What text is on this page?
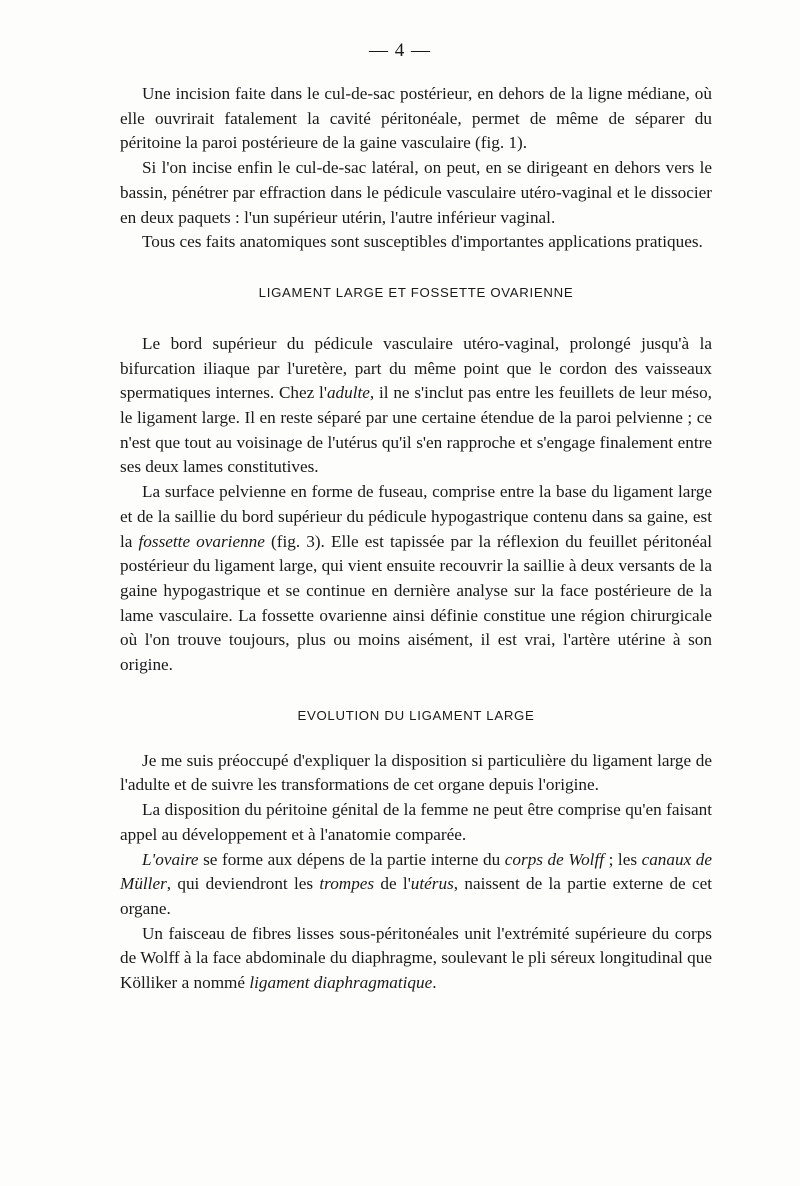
— 4 —

Une incision faite dans le cul-de-sac postérieur, en dehors de la ligne médiane, où elle ouvrirait fatalement la cavité péritonéale, permet de même de séparer du péritoine la paroi postérieure de la gaine vasculaire (fig. 1).

Si l'on incise enfin le cul-de-sac latéral, on peut, en se dirigeant en dehors vers le bassin, pénétrer par effraction dans le pédicule vasculaire utéro-vaginal et le dissocier en deux paquets : l'un supérieur utérin, l'autre inférieur vaginal.

Tous ces faits anatomiques sont susceptibles d'importantes applications pratiques.

LIGAMENT LARGE ET FOSSETTE OVARIENNE

Le bord supérieur du pédicule vasculaire utéro-vaginal, prolongé jusqu'à la bifurcation iliaque par l'uretère, part du même point que le cordon des vaisseaux spermatiques internes. Chez l'adulte, il ne s'inclut pas entre les feuillets de leur méso, le ligament large. Il en reste séparé par une certaine étendue de la paroi pelvienne ; ce n'est que tout au voisinage de l'utérus qu'il s'en rapproche et s'engage finalement entre ses deux lames constitutives.

La surface pelvienne en forme de fuseau, comprise entre la base du ligament large et de la saillie du bord supérieur du pédicule hypogastrique contenu dans sa gaine, est la fossette ovarienne (fig. 3). Elle est tapissée par la réflexion du feuillet péritonéal postérieur du ligament large, qui vient ensuite recouvrir la saillie à deux versants de la gaine hypogastrique et se continue en dernière analyse sur la face postérieure de la lame vasculaire. La fossette ovarienne ainsi définie constitue une région chirurgicale où l'on trouve toujours, plus ou moins aisément, il est vrai, l'artère utérine à son origine.

EVOLUTION DU LIGAMENT LARGE

Je me suis préoccupé d'expliquer la disposition si particulière du ligament large de l'adulte et de suivre les transformations de cet organe depuis l'origine.

La disposition du péritoine génital de la femme ne peut être comprise qu'en faisant appel au développement et à l'anatomie comparée.

L'ovaire se forme aux dépens de la partie interne du corps de Wolff ; les canaux de Müller, qui deviendront les trompes de l'utérus, naissent de la partie externe de cet organe.

Un faisceau de fibres lisses sous-péritonéales unit l'extrémité supérieure du corps de Wolff à la face abdominale du diaphragme, soulevant le pli séreux longitudinal que Kölliker a nommé ligament diaphragmatique.
